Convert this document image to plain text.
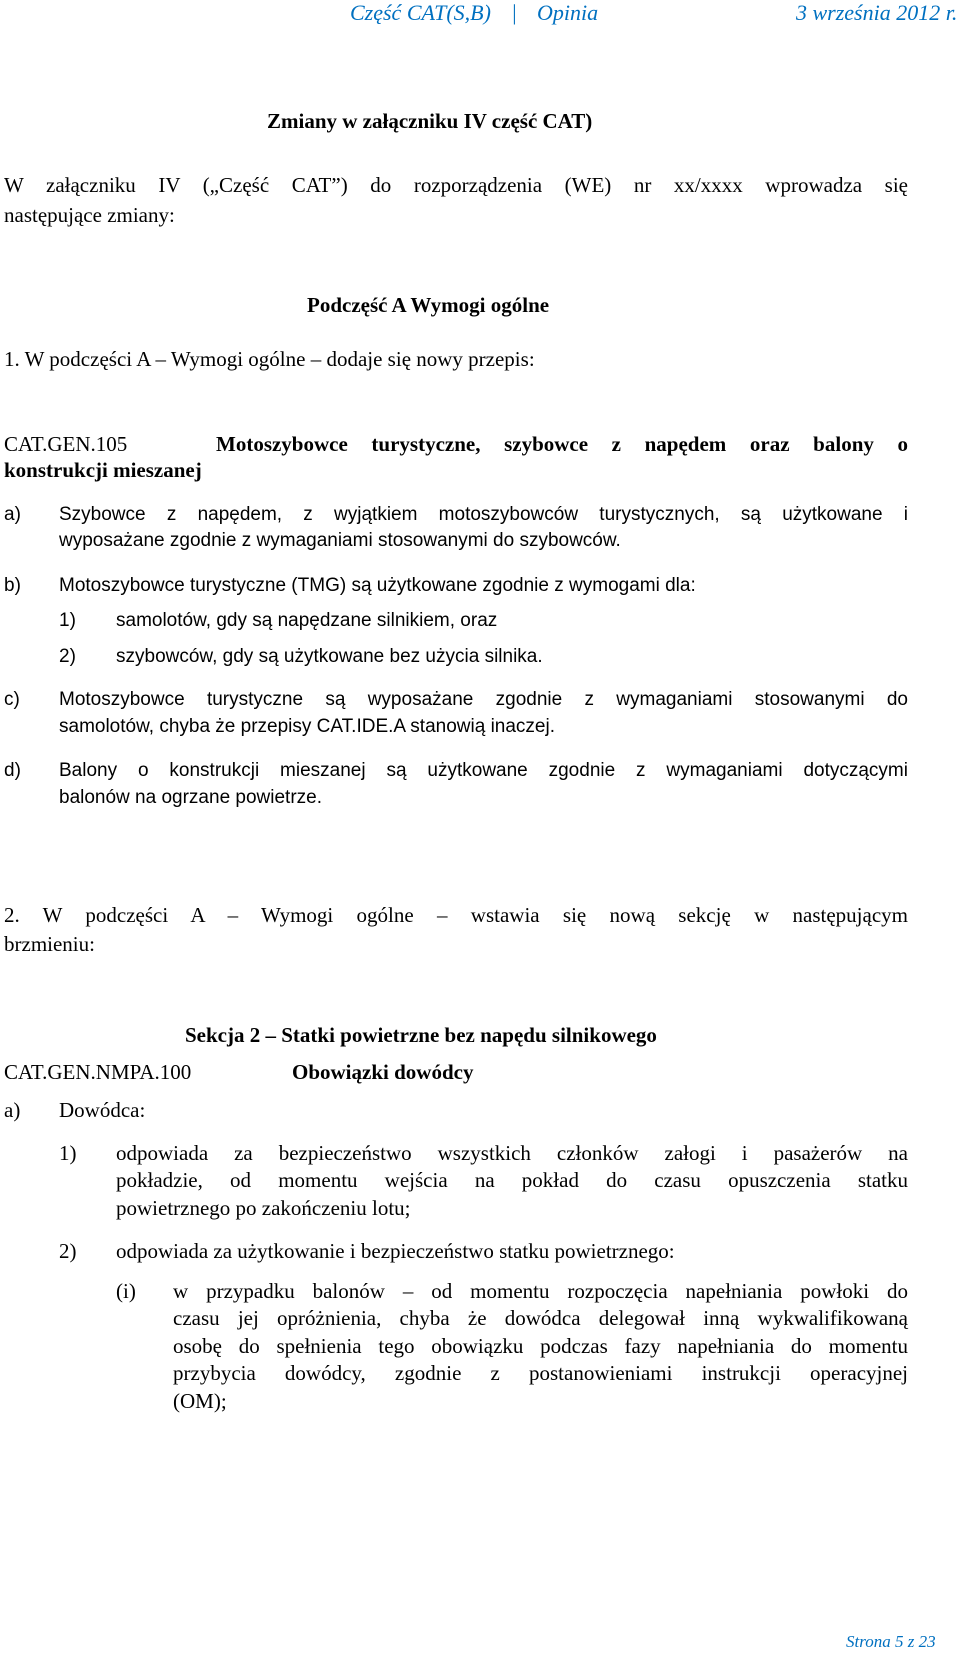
Część CAT(S,B) Opinia	3 września 2012 r.
|
Zmiany w załączniku IV część CAT)
W załączniku IV („Część CAT”) do rozporządzenia (WE) nr xx/xxxx wprowadza się
następujące zmiany:
Podczęść A Wymogi ogólne
1. W podczęści A – Wymogi ogólne – dodaje się nowy przepis:
CAT.GEN.105	Motoszybowce turystyczne, szybowce z napędem oraz balony o
konstrukcji mieszanej
a) Szybowce z napędem, z wyjątkiem motoszybowców turystycznych, są użytkowane i
wyposażane zgodnie z wymaganiami stosowanymi do szybowców.
b) Motoszybowce turystyczne (TMG) są użytkowane zgodnie z wymogami dla:
1) samolotów, gdy są napędzane silnikiem, oraz
2) szybowców, gdy są użytkowane bez użycia silnika.
c) Motoszybowce turystyczne są wyposażane zgodnie z wymaganiami stosowanymi do
samolotów, chyba że przepisy CAT.IDE.A stanowią inaczej.
d) Balony o konstrukcji mieszanej są użytkowane zgodnie z wymaganiami dotyczącymi
balonów na ogrzane powietrze.
2. W podczęści A – Wymogi ogólne – wstawia się nową sekcję w następującym
brzmieniu:
Sekcja 2 – Statki powietrzne bez napędu silnikowego
CAT.GEN.NMPA.100	Obowiązki dowódcy
a) Dowódca:
1) odpowiada za bezpieczeństwo wszystkich członków załogi i pasażerów na
pokładzie, od momentu wejścia na pokład do czasu opuszczenia statku
powietrznego po zakończeniu lotu;
2) odpowiada za użytkowanie i bezpieczeństwo statku powietrznego:
(i) w przypadku balonów – od momentu rozpoczęcia napełniania powłoki do
czasu jej opróżnienia, chyba że dowódca delegował inną wykwalifikowaną
osobę do spełnienia tego obowiązku podczas fazy napełniania do momentu
przybycia dowódcy, zgodnie z postanowieniami instrukcji operacyjnej
(OM);
Strona 5 z 23
